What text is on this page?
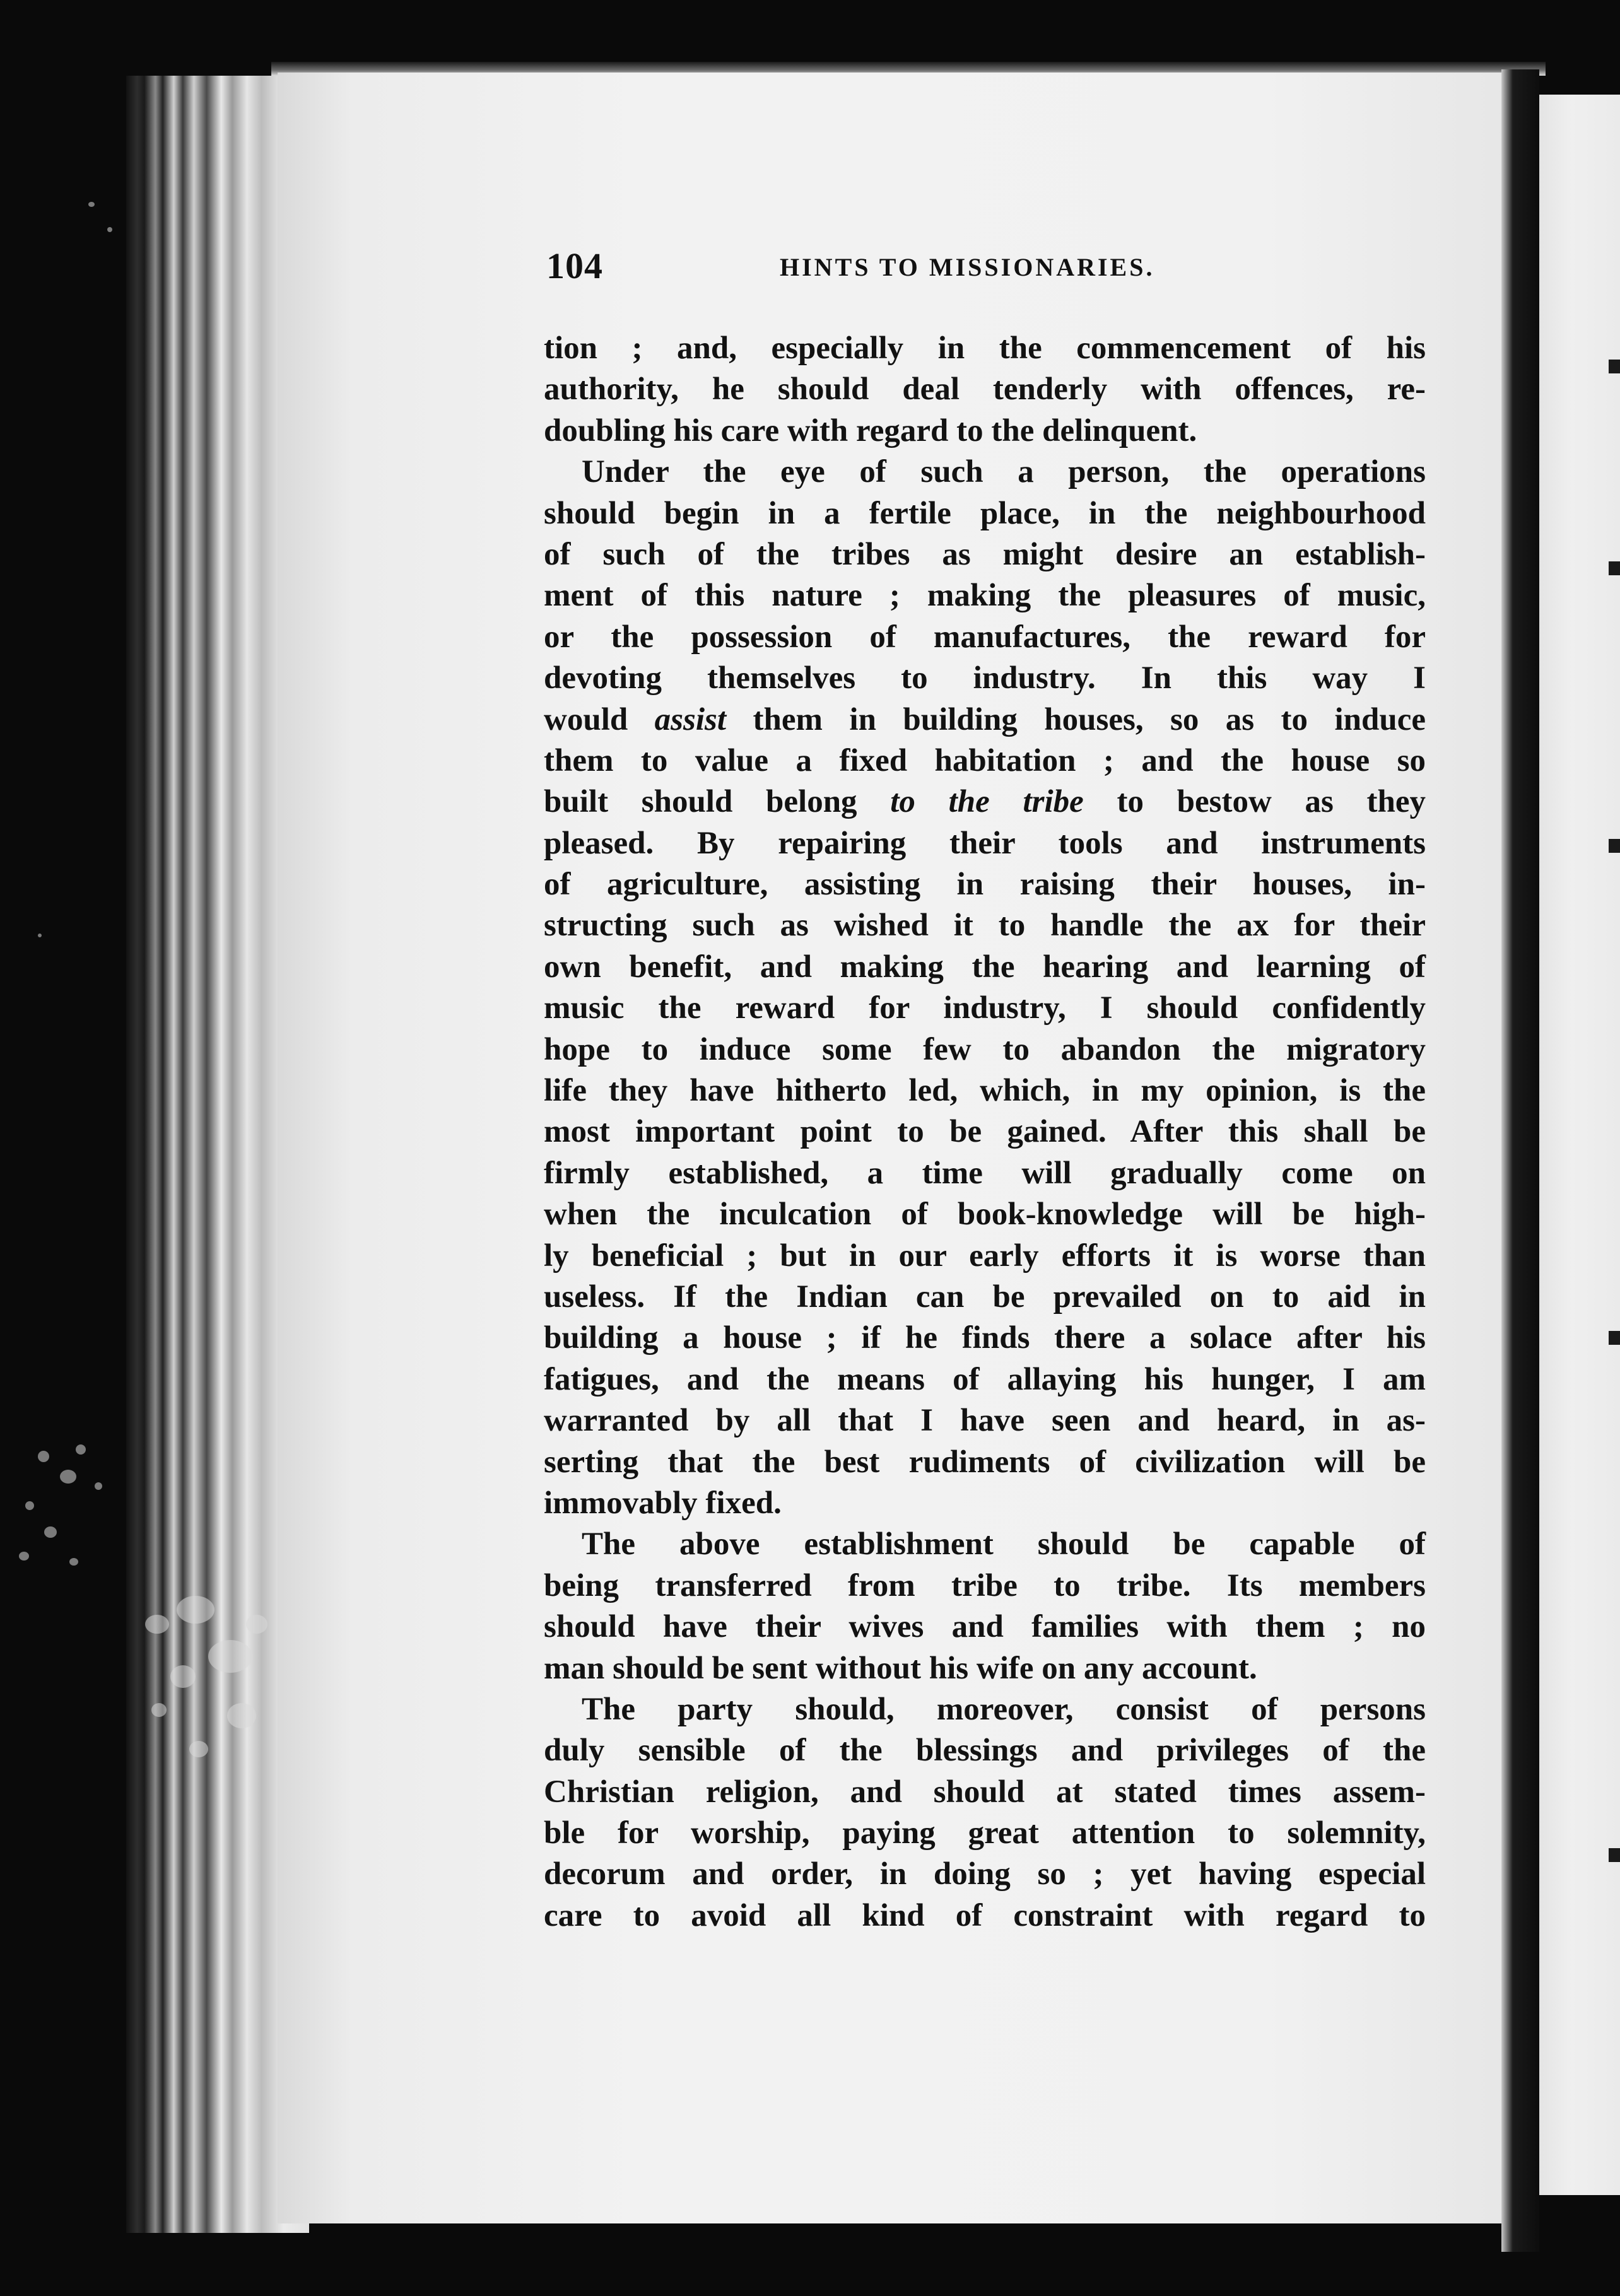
104	HINTS TO MISSIONARIES.
tion ; and, especially in the commencement of his
authority, he should deal tenderly with offences, re-
doubling his care with regard to the delinquent.
Under the eye of such a person, the operations
should begin in a fertile place, in the neighbourhood
of such of the tribes as might desire an establish-
ment of this nature ; making the pleasures of music,
or the possession of manufactures, the reward for
devoting themselves to industry. In this way I
would assist them in building houses, so as to induce
them to value a fixed habitation ; and the house so
built should belong to the tribe to bestow as they
pleased. By repairing their tools and instruments
of agriculture, assisting in raising their houses, in-
structing such as wished it to handle the ax for their
own benefit, and making the hearing and learning of
music the reward for industry, I should confidently
hope to induce some few to abandon the migratory
life they have hitherto led, which, in my opinion, is the
most important point to be gained. After this shall be
firmly established, a time will gradually come on
when the inculcation of book-knowledge will be high-
ly beneficial ; but in our early efforts it is worse than
useless. If the Indian can be prevailed on to aid in
building a house ; if he finds there a solace after his
fatigues, and the means of allaying his hunger, I am
warranted by all that I have seen and heard, in as-
serting that the best rudiments of civilization will be
immovably fixed.
The above establishment should be capable of
being transferred from tribe to tribe. Its members
should have their wives and families with them ; no
man should be sent without his wife on any account.
The party should, moreover, consist of persons
duly sensible of the blessings and privileges of the
Christian religion, and should at stated times assem-
ble for worship, paying great attention to solemnity,
decorum and order, in doing so ; yet having especial
care to avoid all kind of constraint with regard to
